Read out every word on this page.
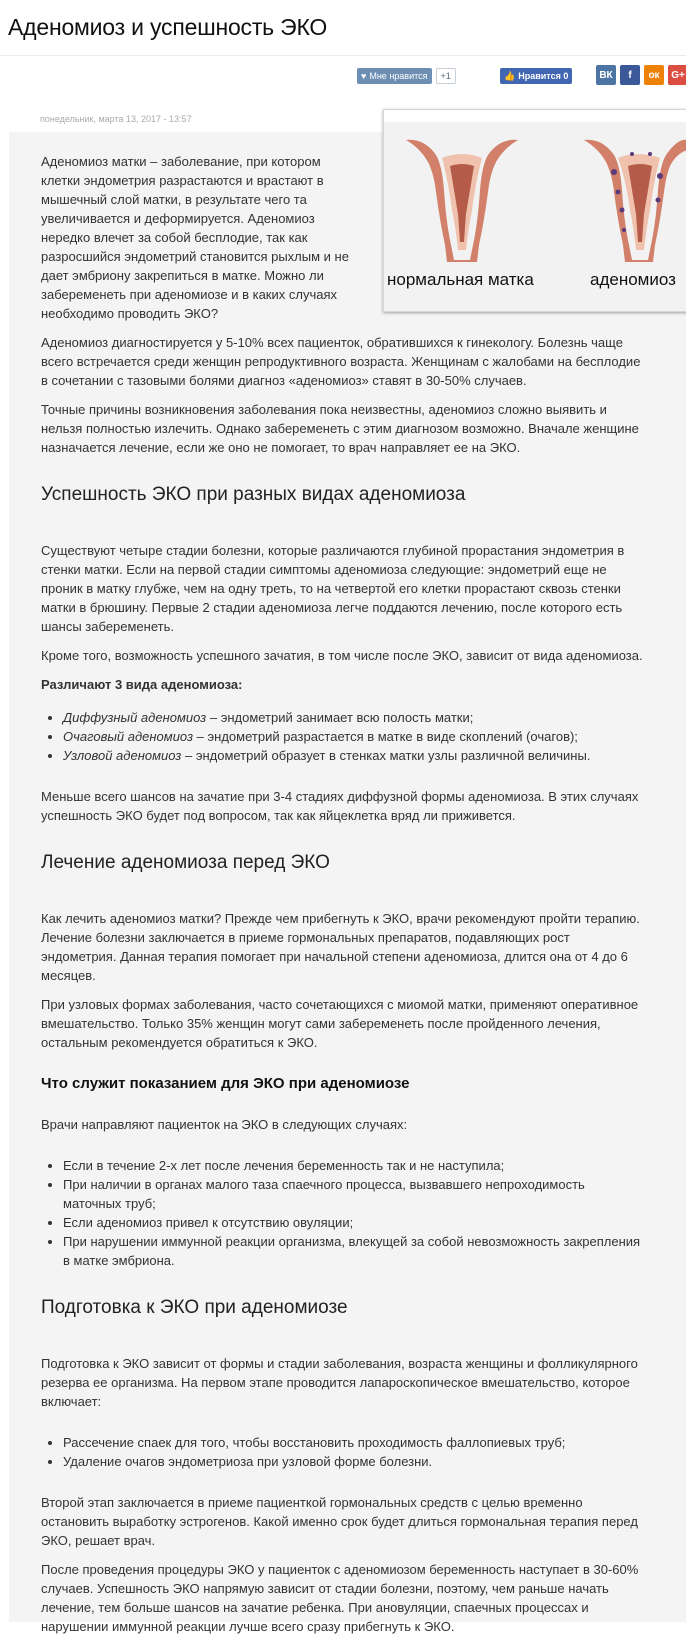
Аденомиоз и успешность ЭКО
♥ Мне нравится	+1	👍 Нравится 0	ВК	f	ок	G+
понедельник, марта 13, 2017 - 13:57
нормальная матка	аденомиоз

Аденомиоз матки – заболевание, при котором клетки эндометрия разрастаются и врастают в мышечный слой матки, в результате чего та увеличивается и деформируется. Аденомиоз нередко влечет за собой бесплодие, так как разросшийся эндометрий становится рыхлым и не дает эмбриону закрепиться в матке. Можно ли забеременеть при аденомиозе и в каких случаях необходимо проводить ЭКО?

Аденомиоз диагностируется у 5-10% всех пациенток, обратившихся к гинекологу. Болезнь чаще всего встречается среди женщин репродуктивного возраста. Женщинам с жалобами на бесплодие в сочетании с тазовыми болями диагноз «аденомиоз» ставят в 30-50% случаев.

Точные причины возникновения заболевания пока неизвестны, аденомиоз сложно выявить и нельзя полностью излечить. Однако забеременеть с этим диагнозом возможно. Вначале женщине назначается лечение, если же оно не помогает, то врач направляет ее на ЭКО.

Успешность ЭКО при разных видах аденомиоза

Существуют четыре стадии болезни, которые различаются глубиной прорастания эндометрия в стенки матки. Если на первой стадии симптомы аденомиоза следующие: эндометрий еще не проник в матку глубже, чем на одну треть, то на четвертой его клетки прорастают сквозь стенки матки в брюшину. Первые 2 стадии аденомиоза легче поддаются лечению, после которого есть шансы забеременеть.

Кроме того, возможность успешного зачатия, в том числе после ЭКО, зависит от вида аденомиоза.

Различают 3 вида аденомиоза:

• Диффузный аденомиоз – эндометрий занимает всю полость матки;
• Очаговый аденомиоз – эндометрий разрастается в матке в виде скоплений (очагов);
• Узловой аденомиоз – эндометрий образует в стенках матки узлы различной величины.

Меньше всего шансов на зачатие при 3-4 стадиях диффузной формы аденомиоза. В этих случаях успешность ЭКО будет под вопросом, так как яйцеклетка вряд ли приживется.

Лечение аденомиоза перед ЭКО

Как лечить аденомиоз матки? Прежде чем прибегнуть к ЭКО, врачи рекомендуют пройти терапию. Лечение болезни заключается в приеме гормональных препаратов, подавляющих рост эндометрия. Данная терапия помогает при начальной степени аденомиоза, длится она от 4 до 6 месяцев.

При узловых формах заболевания, часто сочетающихся с миомой матки, применяют оперативное вмешательство. Только 35% женщин могут сами забеременеть после пройденного лечения, остальным рекомендуется обратиться к ЭКО.

Что служит показанием для ЭКО при аденомиозе

Врачи направляют пациенток на ЭКО в следующих случаях:

• Если в течение 2-х лет после лечения беременность так и не наступила;
• При наличии в органах малого таза спаечного процесса, вызвавшего непроходимость маточных труб;
• Если аденомиоз привел к отсутствию овуляции;
• При нарушении иммунной реакции организма, влекущей за собой невозможность закрепления в матке эмбриона.
Подготовка к ЭКО при аденомиозе

Подготовка к ЭКО зависит от формы и стадии заболевания, возраста женщины и фолликулярного резерва ее организма. На первом этапе проводится лапароскопическое вмешательство, которое включает:

• Рассечение спаек для того, чтобы восстановить проходимость фаллопиевых труб;
• Удаление очагов эндометриоза при узловой форме болезни.

Второй этап заключается в приеме пациенткой гормональных средств с целью временно остановить выработку эстрогенов. Какой именно срок будет длиться гормональная терапия перед ЭКО, решает врач.

После проведения процедуры ЭКО у пациенток с аденомиозом беременность наступает в 30-60% случаев. Успешность ЭКО напрямую зависит от стадии болезни, поэтому, чем раньше начать лечение, тем больше шансов на зачатие ребенка. При ановуляции, спаечных процессах и нарушении иммунной реакции лучше всего сразу прибегнуть к ЭКО.
